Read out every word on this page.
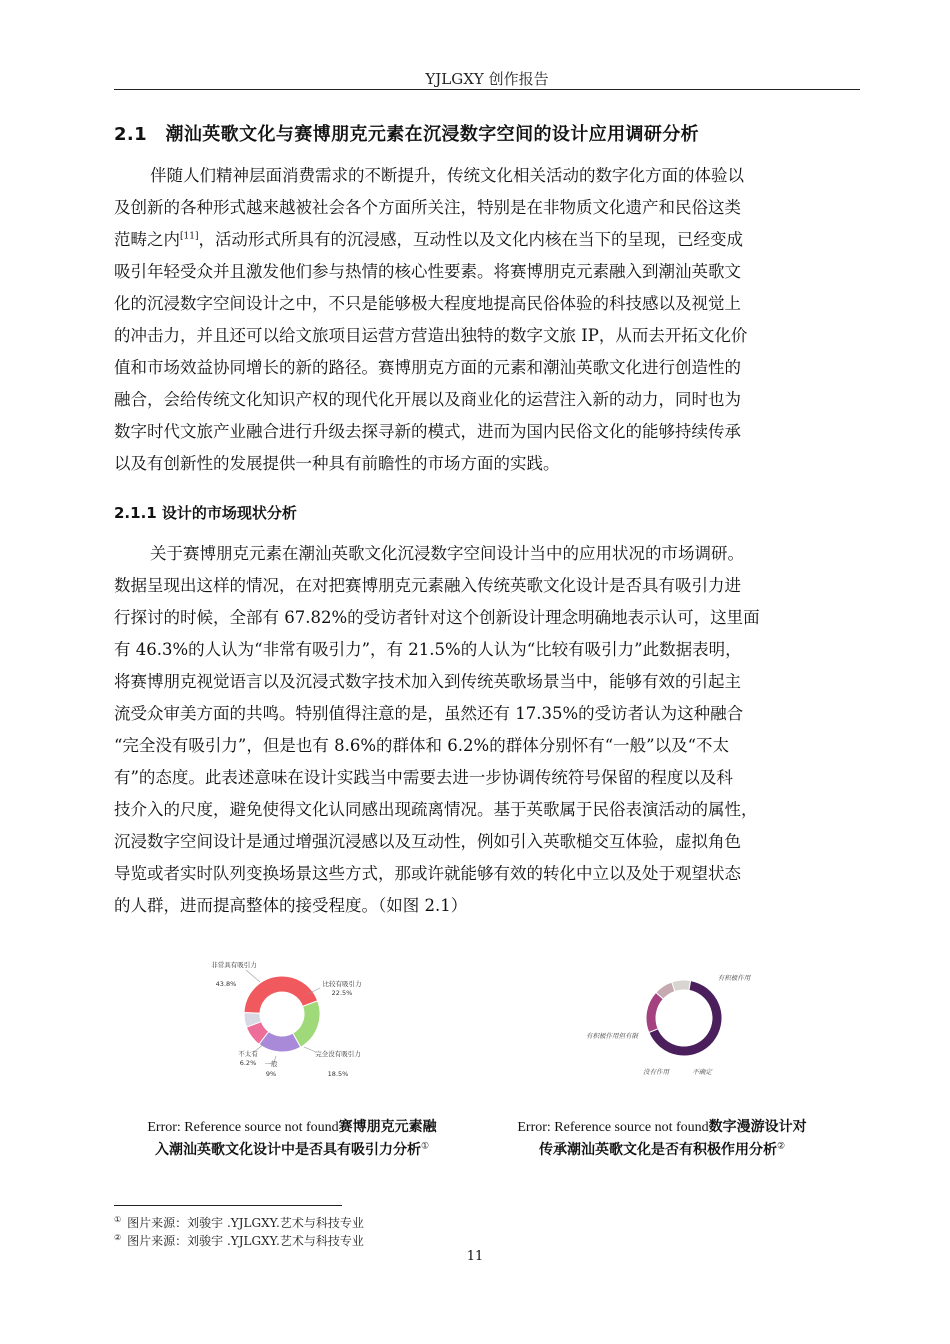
YJLGXY 创作报告
2.1　潮汕英歌文化与赛博朋克元素在沉浸数字空间的设计应用调研分析
伴随人们精神层面消费需求的不断提升，传统文化相关活动的数字化方面的体验以
及创新的各种形式越来越被社会各个方面所关注，特别是在非物质文化遗产和民俗这类
范畴之内[11]，活动形式所具有的沉浸感，互动性以及文化内核在当下的呈现，已经变成
吸引年轻受众并且激发他们参与热情的核心性要素。将赛博朋克元素融入到潮汕英歌文
化的沉浸数字空间设计之中，不只是能够极大程度地提高民俗体验的科技感以及视觉上
的冲击力，并且还可以给文旅项目运营方营造出独特的数字文旅 IP，从而去开拓文化价
值和市场效益协同增长的新的路径。赛博朋克方面的元素和潮汕英歌文化进行创造性的
融合，会给传统文化知识产权的现代化开展以及商业化的运营注入新的动力，同时也为
数字时代文旅产业融合进行升级去探寻新的模式，进而为国内民俗文化的能够持续传承
以及有创新性的发展提供一种具有前瞻性的市场方面的实践。
2.1.1 设计的市场现状分析
关于赛博朋克元素在潮汕英歌文化沉浸数字空间设计当中的应用状况的市场调研。
数据呈现出这样的情况，在对把赛博朋克元素融入传统英歌文化设计是否具有吸引力进
行探讨的时候，全部有 67.82%的受访者针对这个创新设计理念明确地表示认可，这里面
有 46.3%的人认为“非常有吸引力”，有 21.5%的人认为“比较有吸引力”此数据表明，
将赛博朋克视觉语言以及沉浸式数字技术加入到传统英歌场景当中，能够有效的引起主
流受众审美方面的共鸣。特别值得注意的是，虽然还有 17.35%的受访者认为这种融合
“完全没有吸引力”，但是也有 8.6%的群体和 6.2%的群体分别怀有“一般”以及“不太
有”的态度。此表述意味在设计实践当中需要去进一步协调传统符号保留的程度以及科
技介入的尺度，避免使得文化认同感出现疏离情况。基于英歌属于民俗表演活动的属性，
沉浸数字空间设计是通过增强沉浸感以及互动性，例如引入英歌槌交互体验，虚拟角色
导览或者实时队列变换场景这些方式，那或许就能够有效的转化中立以及处于观望状态
的人群，进而提高整体的接受程度。（如图 2.1）
非常具有吸引力
43.8%	比较有吸引力
22.5%
完全没有吸引力
18.5%
一般
9%
不太有
6.2%
有积极作用
有积极作用但有限
没有作用	不确定
Error: Reference source not found赛博朋克元素融
入潮汕英歌文化设计中是否具有吸引力分析①
Error: Reference source not found数字漫游设计对
传承潮汕英歌文化是否有积极作用分析②
① 图片来源：刘骏宇 .YJLGXY.艺术与科技专业
② 图片来源：刘骏宇 .YJLGXY.艺术与科技专业
11
